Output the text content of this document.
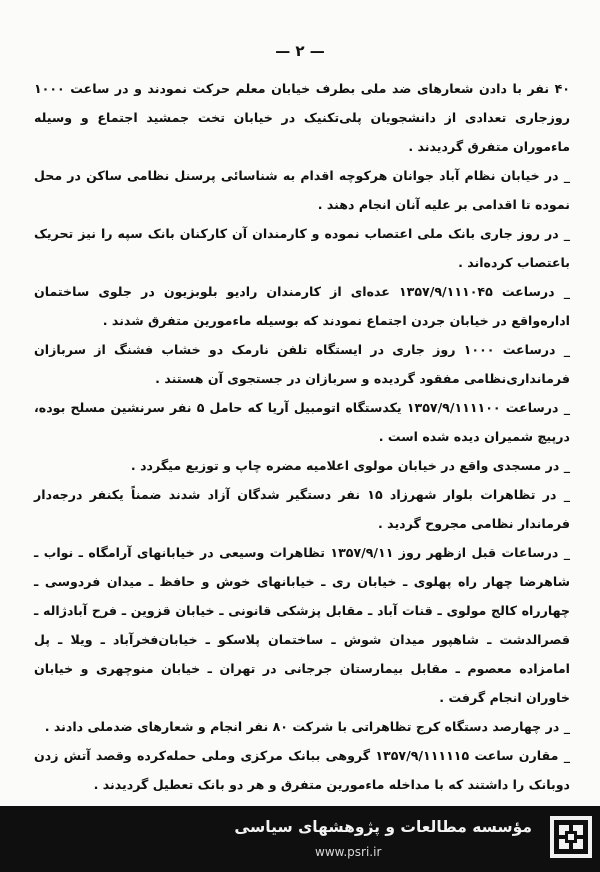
— ۲ —

۴۰ نفر با دادن شعارهای ضد ملی بطرف خیابان معلم حرکت نمودند و در ساعت ۱۰۰۰ روزجاری تعدادی از دانشجویان پلی‌تکنیک در خیابان تخت جمشید اجتماع و وسیله ماءموران متفرق گردیدند .

_ در خیابان نظام آباد جوانان هرکوچه اقدام به شناسائی پرسنل نظامی ساکن در محل نموده تا اقدامی بر علیه آنان انجام دهند .

_ در روز جاری بانک ملی اعتصاب نموده و کارمندان آن کارکنان بانک سپه را نیز تحریک باعتصاب کرده‌اند .

_ درساعت ۱۳۵۷/۹/۱۱۱۰۴۵ عده‌ای از کارمندان رادیو بلوبزیون در جلوی ساختمان اداره‌واقع در خیابان جردن اجتماع نمودند که بوسیله ماءمورین متفرق شدند .

_ درساعت ۱۰۰۰ روز جاری در ایستگاه تلفن نارمک دو خشاب فشنگ از سربازان فرمانداری‌نظامی مفقود گردیده و سربازان در جستجوی آن هستند .

_ درساعت ۱۳۵۷/۹/۱۱۱۱۰۰ یکدستگاه اتومبیل آریا که حامل ۵ نفر سرنشین مسلح بوده، درپیچ شمیران دیده شده است .

_ در مسجدی واقع در خیابان مولوی اعلامیه مضره چاپ و توزیع میگردد .

_ در تظاهرات بلوار شهرزاد ۱۵ نفر دستگیر شدگان آزاد شدند ضمناً یکنفر درجه‌دار فرماندار نظامی مجروح گردید .

_ درساعات قبل ازظهر روز ۱۳۵۷/۹/۱۱ تظاهرات وسیعی در خیابانهای آرامگاه ـ نواب ـ شاهرضا چهار راه پهلوی ـ خیابان ری ـ خیابانهای خوش و حافظ ـ میدان فردوسی ـ چهارراه کالج مولوی ـ قنات آباد ـ مقابل پزشکی قانونی ـ خیابان قزوین ـ فرح آبادژاله ـ قصرالدشت ـ شاهپور میدان شوش ـ ساختمان پلاسکو ـ خیابان‌فخرآباد ـ ویلا ـ پل امامزاده معصوم ـ مقابل بیمارستان جرجانی در تهران ـ خیابان منوچهری و خیابان خاوران انجام گرفت .

_ در چهارصد دستگاه کرج تظاهراتی با شرکت ۸۰ نفر انجام و شعارهای ضدملی دادند .

_ مقارن ساعت ۱۳۵۷/۹/۱۱۱۱۱۵ گروهی ببانک مرکزی وملی حمله‌کرده وقصد آتش زدن دوبانک را داشتند که با مداخله ماءمورین متفرق و هر دو بانک تعطیل گردیدند .

مؤسسه مطالعات و پژوهشهای سیاسی
www.psri.ir
